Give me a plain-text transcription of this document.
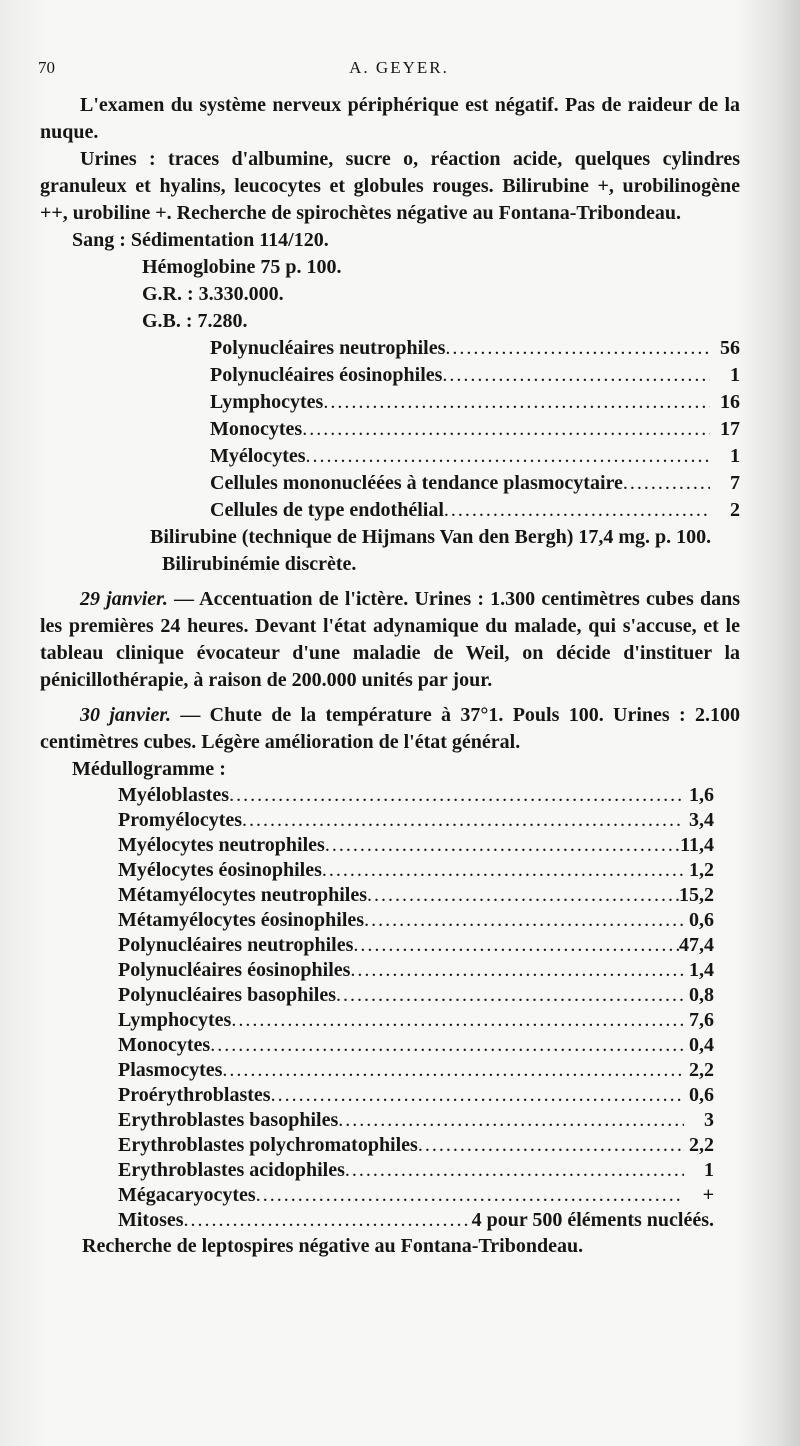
70	A. GEYER.

L'examen du système nerveux périphérique est négatif. Pas de raideur de la nuque.

Urines : traces d'albumine, sucre o, réaction acide, quelques cylindres granuleux et hyalins, leucocytes et globules rouges. Bilirubine +, urobilinogène ++, urobiline +. Recherche de spirochètes négative au Fontana-Tribondeau.

Sang : Sédimentation 114/120.
Hémoglobine 75 p. 100.
G.R. : 3.330.000.
G.B. : 7.280.
Polynucléaires neutrophiles .....	56
Polynucléaires éosinophiles .....	1
Lymphocytes .....	16
Monocytes .....	17
Myélocytes .....	1
Cellules mononucléées à tendance plasmocytaire .....	7
Cellules de type endothélial .....	2
Bilirubine (technique de Hijmans Van den Bergh) 17,4 mg. p. 100.
Bilirubinémie discrète.

29 janvier. — Accentuation de l'ictère. Urines : 1.300 centimètres cubes dans les premières 24 heures. Devant l'état adynamique du malade, qui s'accuse, et le tableau clinique évocateur d'une maladie de Weil, on décide d'instituer la pénicillothérapie, à raison de 200.000 unités par jour.

30 janvier. — Chute de la température à 37°1. Pouls 100. Urines : 2.100 centimètres cubes. Légère amélioration de l'état général.

Médullogramme :
Myéloblastes .....	1,6
Promyélocytes .....	3,4
Myélocytes neutrophiles .....	11,4
Myélocytes éosinophiles .....	1,2
Métamyélocytes neutrophiles .....	15,2
Métamyélocytes éosinophiles .....	0,6
Polynucléaires neutrophiles .....	47,4
Polynucléaires éosinophiles .....	1,4
Polynucléaires basophiles .....	0,8
Lymphocytes .....	7,6
Monocytes .....	0,4
Plasmocytes .....	2,2
Proérythroblastes .....	0,6
Erythroblastes basophiles .....	3
Erythroblastes polychromatophiles .....	2,2
Erythroblastes acidophiles .....	1
Mégacaryocytes .....	+
Mitoses .....	4 pour 500 éléments nucléés.
Recherche de leptospires négative au Fontana-Tribondeau.
